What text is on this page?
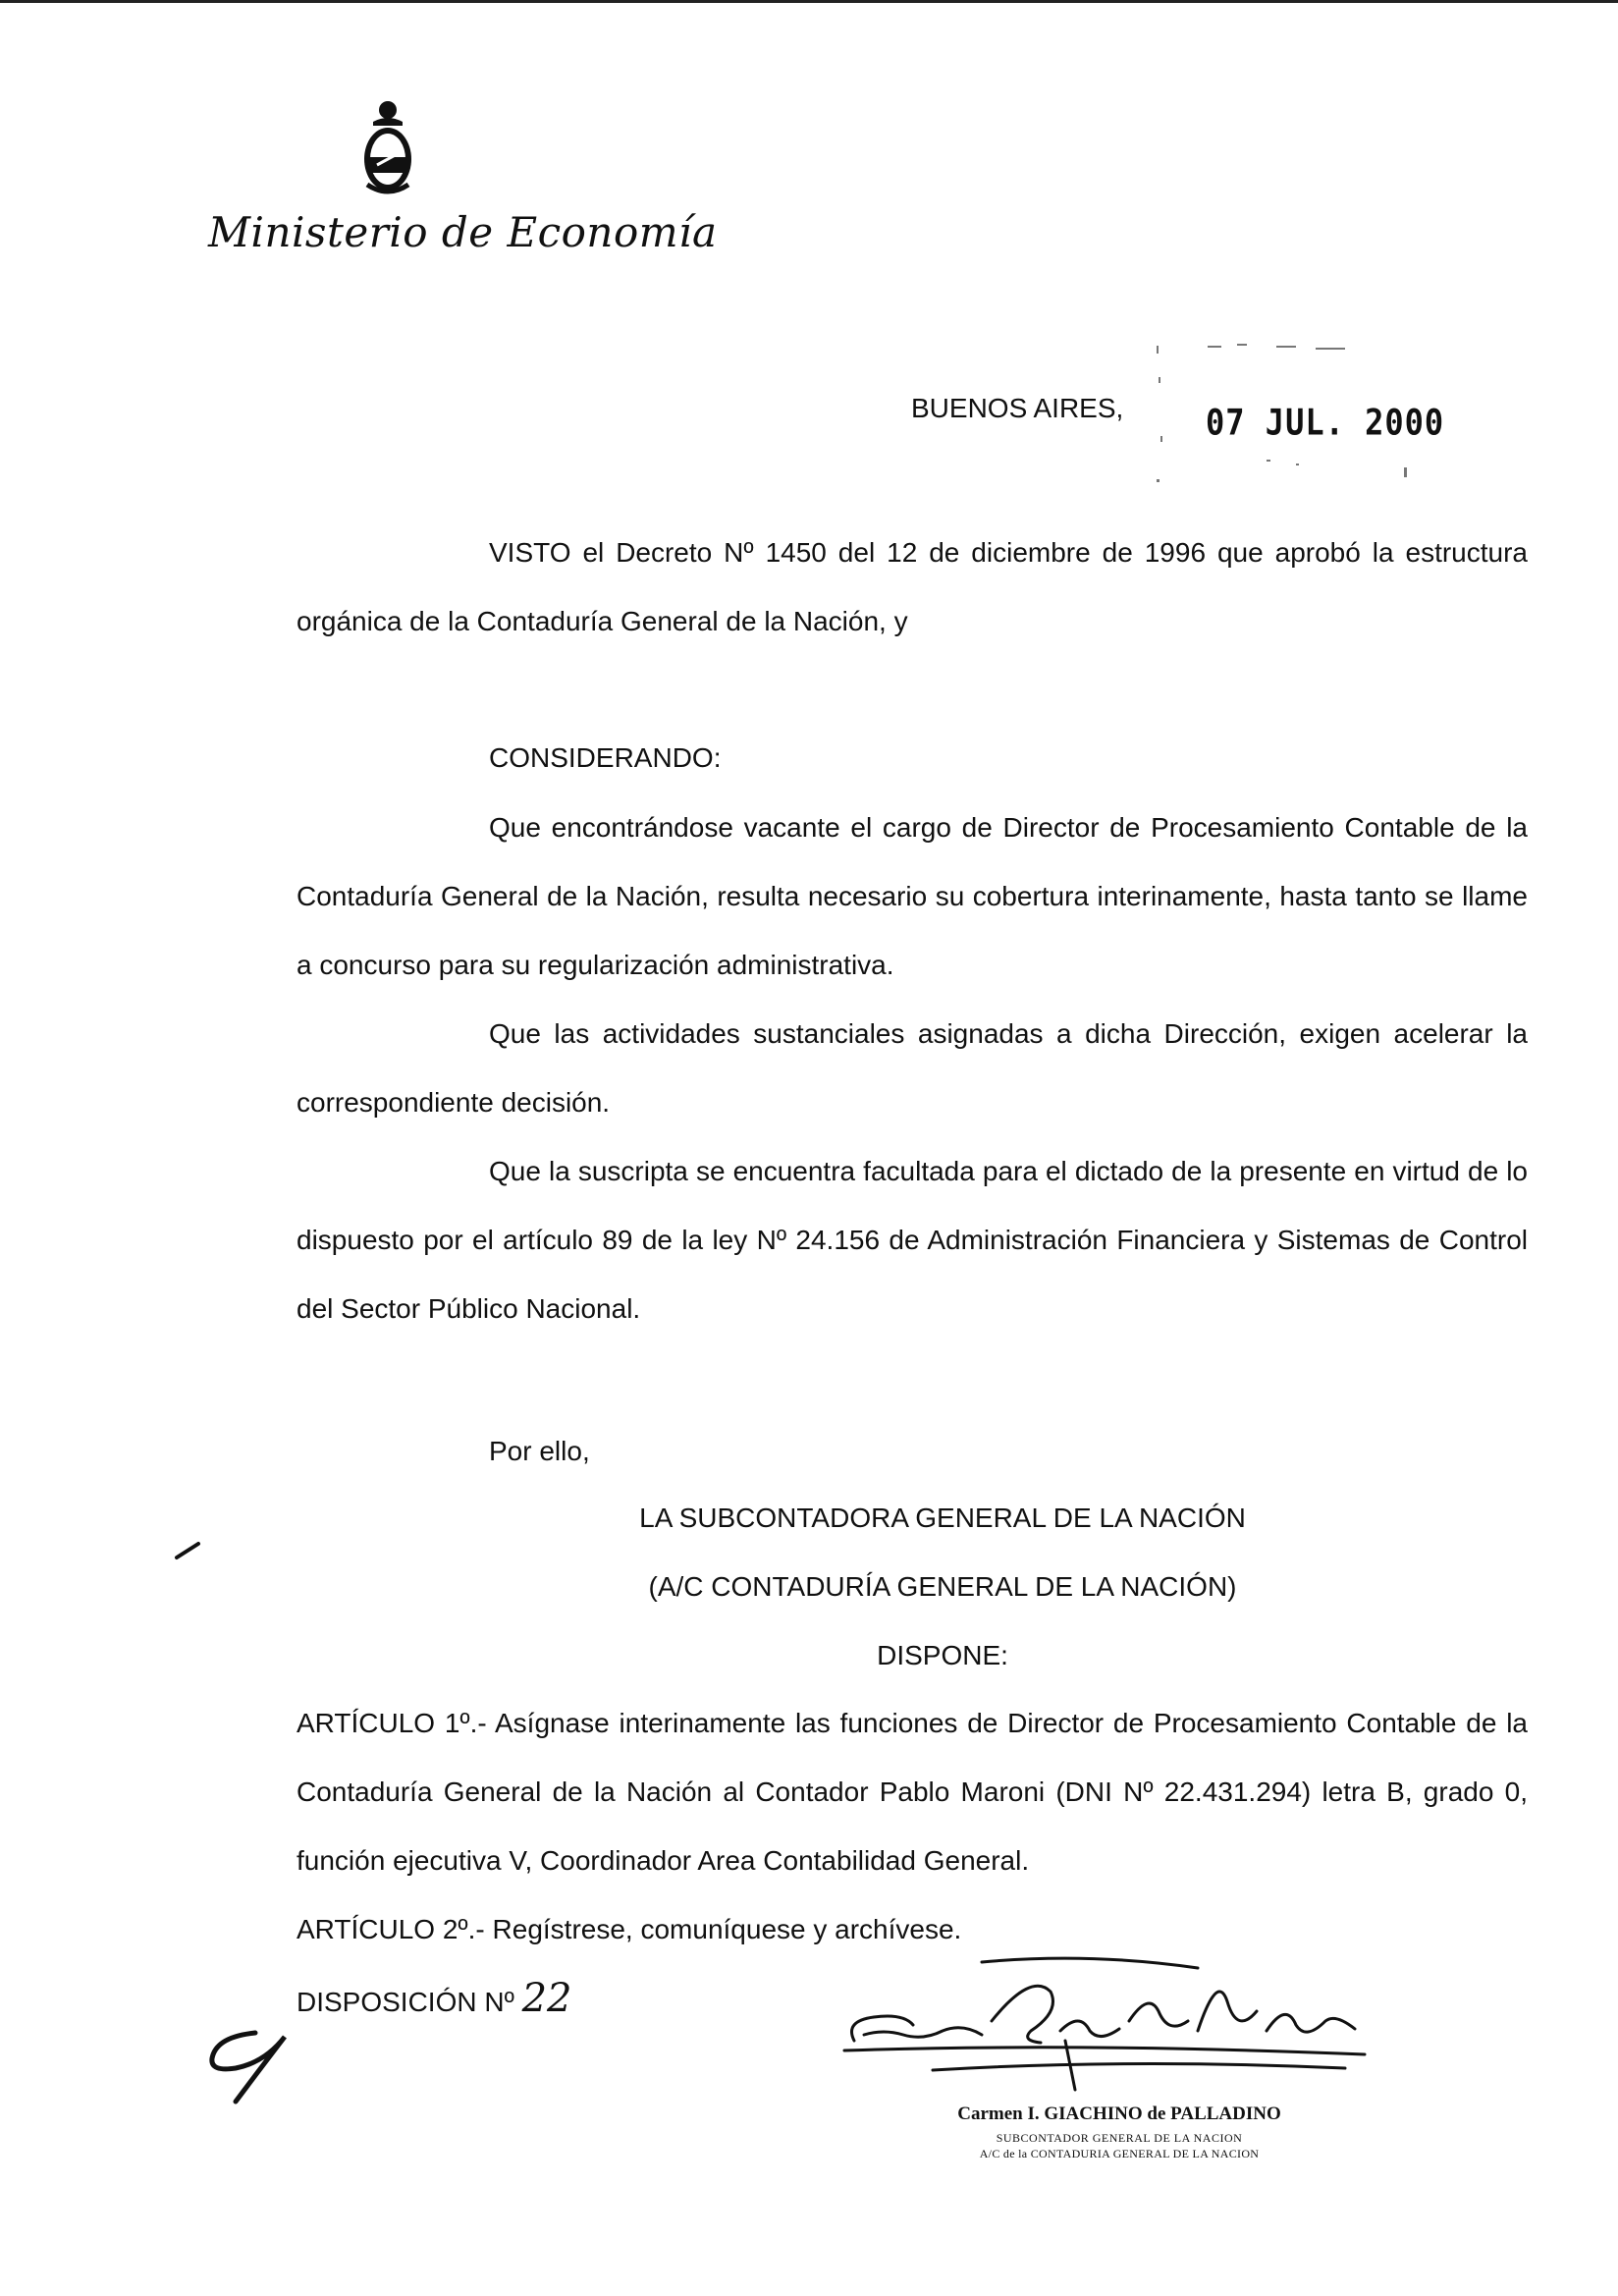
Ministerio de Economía
BUENOS AIRES,	07 JUL. 2000

VISTO el Decreto Nº 1450 del 12 de diciembre de 1996 que aprobó la estructura orgánica de la Contaduría General de la Nación, y

CONSIDERANDO:

Que encontrándose vacante el cargo de Director de Procesamiento Contable de la Contaduría General de la Nación, resulta necesario su cobertura interinamente, hasta tanto se llame a concurso para su regularización administrativa.

Que las actividades sustanciales asignadas a dicha Dirección, exigen acelerar la correspondiente decisión.

Que la suscripta se encuentra facultada para el dictado de la presente en virtud de lo dispuesto por el artículo 89 de la ley Nº 24.156 de Administración Financiera y Sistemas de Control del Sector Público Nacional.

Por ello,

LA SUBCONTADORA GENERAL DE LA NACIÓN

(A/C CONTADURÍA GENERAL DE LA NACIÓN)

DISPONE:

ARTÍCULO 1º.- Asígnase interinamente las funciones de Director de Procesamiento Contable de la Contaduría General de la Nación al Contador Pablo Maroni (DNI Nº 22.431.294) letra B, grado 0, función ejecutiva V, Coordinador Area Contabilidad General.

ARTÍCULO 2º.- Regístrese, comuníquese y archívese.

DISPOSICIÓN Nº 22
Carmen I. GIACHINO de PALLADINO
SUBCONTADOR GENERAL DE LA NACION
A/C de la CONTADURIA GENERAL DE LA NACION
